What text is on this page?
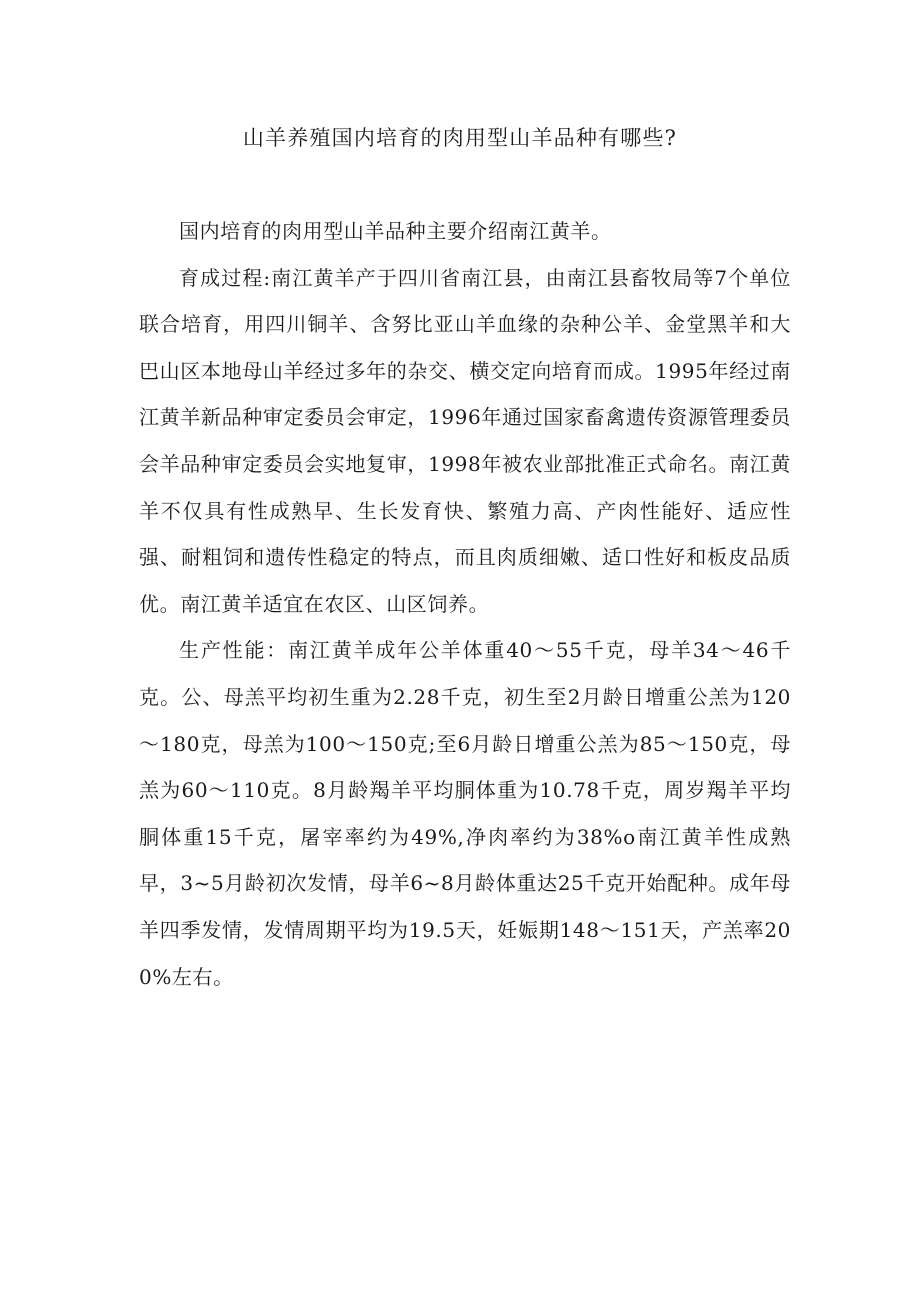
山羊养殖国内培育的肉用型山羊品种有哪些?

国内培育的肉用型山羊品种主要介绍南江黄羊。

育成过程:南江黄羊产于四川省南江县，由南江县畜牧局等7个单位联合培育，用四川铜羊、含努比亚山羊血缘的杂种公羊、金堂黑羊和大巴山区本地母山羊经过多年的杂交、横交定向培育而成。1995年经过南江黄羊新品种审定委员会审定，1996年通过国家畜禽遗传资源管理委员会羊品种审定委员会实地复审，1998年被农业部批准正式命名。南江黄羊不仅具有性成熟早、生长发育快、繁殖力高、产肉性能好、适应性强、耐粗饲和遗传性稳定的特点，而且肉质细嫩、适口性好和板皮品质优。南江黄羊适宜在农区、山区饲养。

生产性能：南江黄羊成年公羊体重40～55千克，母羊34～46千克。公、母羔平均初生重为2.28千克，初生至2月龄日增重公羔为120～180克，母羔为100～150克;至6月龄日增重公羔为85～150克，母羔为60～110克。8月龄羯羊平均胴体重为10.78千克，周岁羯羊平均胴体重15千克，屠宰率约为49%,净肉率约为38%o南江黄羊性成熟早，3~5月龄初次发情，母羊6~8月龄体重达25千克开始配种。成年母羊四季发情，发情周期平均为19.5天，妊娠期148～151天，产羔率200%左右。
